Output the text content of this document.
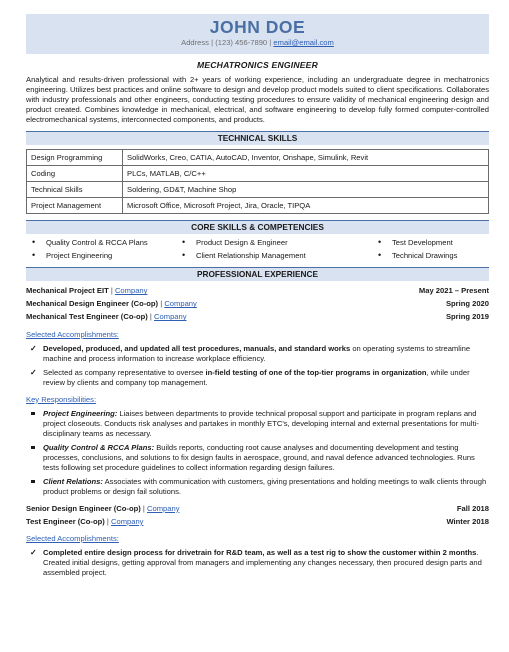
JOHN DOE
Address | (123) 456-7890 | email@email.com
MECHATRONICS ENGINEER
Analytical and results-driven professional with 2+ years of working experience, including an undergraduate degree in mechatronics engineering. Utilizes best practices and online software to design and develop product models suited to client specifications. Collaborates with industry professionals and other engineers, conducting testing procedures to ensure validity of mechanical engineering design and product created. Combines knowledge in mechanical, electrical, and software engineering to develop fully formed computer-controlled electromechanical systems, interconnected components, and products.
TECHNICAL SKILLS
Design Programming	SolidWorks, Creo, CATIA, AutoCAD, Inventor, Onshape, Simulink, Revit
Coding	PLCs, MATLAB, C/C++
Technical Skills	Soldering, GD&T, Machine Shop
Project Management	Microsoft Office, Microsoft Project, Jira, Oracle, TIPQA
CORE SKILLS & COMPETENCIES
• Quality Control & RCCA Plans	• Product Design & Engineer	• Test Development
• Project Engineering	• Client Relationship Management	• Technical Drawings
PROFESSIONAL EXPERIENCE
Mechanical Project EIT | Company	May 2021 – Present
Mechanical Design Engineer (Co-op) | Company	Spring 2020
Mechanical Test Engineer (Co-op) | Company	Spring 2019
Selected Accomplishments:
✓ Developed, produced, and updated all test procedures, manuals, and standard works on operating systems to streamline machine and process information to increase workplace efficiency.
✓ Selected as company representative to oversee in-field testing of one of the top-tier programs in organization, while under review by clients and company top management.
Key Responsibilities:
Project Engineering: Liaises between departments to provide technical proposal support and participate in program replans and project closeouts. Conducts risk analyses and partakes in monthly ETC's, developing internal and external presentations for multi-disciplinary teams as necessary.
Quality Control & RCCA Plans: Builds reports, conducting root cause analyses and documenting development and testing processes, conclusions, and solutions to fix design faults in aerospace, ground, and naval defence advanced technologies. Runs tests following set procedure guidelines to collect information regarding design failures.
Client Relations: Associates with communication with customers, giving presentations and holding meetings to walk clients through product problems or design fail solutions.
Senior Design Engineer (Co-op) | Company	Fall 2018
Test Engineer (Co-op) | Company	Winter 2018
Selected Accomplishments:
✓ Completed entire design process for drivetrain for R&D team, as well as a test rig to show the customer within 2 months. Created initial designs, getting approval from managers and implementing any changes necessary, then procured design parts and assembled project.
